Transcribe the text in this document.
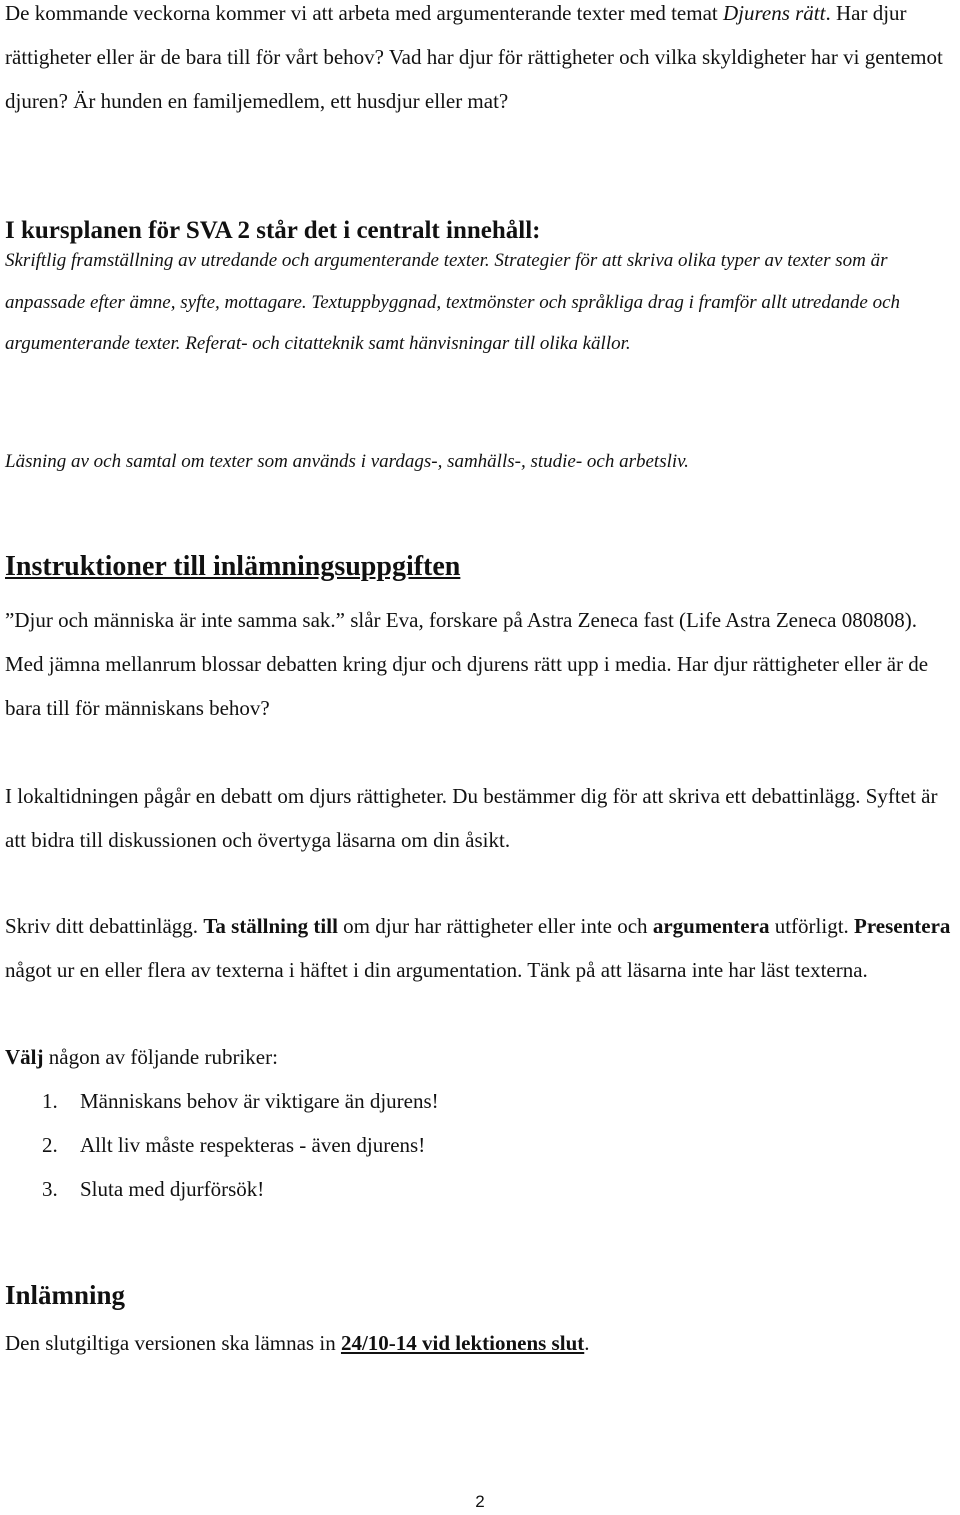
De kommande veckorna kommer vi att arbeta med argumenterande texter med temat Djurens rätt. Har djur rättigheter eller är de bara till för vårt behov? Vad har djur för rättigheter och vilka skyldigheter har vi gentemot djuren? Är hunden en familjemedlem, ett husdjur eller mat?

I kursplanen för SVA 2 står det i centralt innehåll:

Skriftlig framställning av utredande och argumenterande texter. Strategier för att skriva olika typer av texter som är anpassade efter ämne, syfte, mottagare. Textuppbyggnad, textmönster och språkliga drag i framför allt utredande och argumenterande texter. Referat- och citatteknik samt hänvisningar till olika källor.

Läsning av och samtal om texter som används i vardags-, samhälls-, studie- och arbetsliv.

Instruktioner till inlämningsuppgiften

”Djur och människa är inte samma sak.” slår Eva, forskare på Astra Zeneca fast (Life Astra Zeneca 080808). Med jämna mellanrum blossar debatten kring djur och djurens rätt upp i media. Har djur rättigheter eller är de bara till för människans behov?

I lokaltidningen pågår en debatt om djurs rättigheter. Du bestämmer dig för att skriva ett debattinlägg. Syftet är att bidra till diskussionen och övertyga läsarna om din åsikt.

Skriv ditt debattinlägg. Ta ställning till om djur har rättigheter eller inte och argumentera utförligt. Presentera något ur en eller flera av texterna i häftet i din argumentation. Tänk på att läsarna inte har läst texterna.

Välj någon av följande rubriker:

1. Människans behov är viktigare än djurens!
2. Allt liv måste respekteras - även djurens!
3. Sluta med djurförsök!
Inlämning

Den slutgiltiga versionen ska lämnas in 24/10-14 vid lektionens slut.

2
